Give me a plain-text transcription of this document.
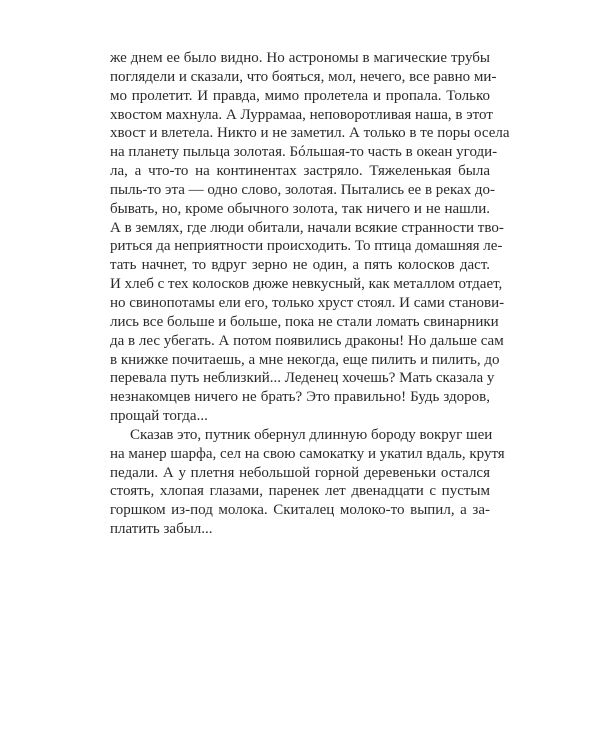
же днем ее было видно. Но астрономы в магические трубы
поглядели и сказали, что бояться, мол, нечего, все равно ми-
мо пролетит. И правда, мимо пролетела и пропала. Только
хвостом махнула. А Луррамаа, неповоротливая наша, в этот
хвост и влетела. Никто и не заметил. А только в те поры осела
на планету пыльца золотая. Бóльшая-то часть в океан угоди-
ла, а что-то на континентах застряло. Тяжеленькая была
пыль-то эта — одно слово, золотая. Пытались ее в реках до-
бывать, но, кроме обычного золота, так ничего и не нашли.
А в землях, где люди обитали, начали всякие странности тво-
риться да неприятности происходить. То птица домашняя ле-
тать начнет, то вдруг зерно не один, а пять колосков даст.
И хлеб с тех колосков дюже невкусный, как металлом отдает,
но свинопотамы ели его, только хруст стоял. И сами станови-
лись все больше и больше, пока не стали ломать свинарники
да в лес убегать. А потом появились драконы! Но дальше сам
в книжке почитаешь, а мне некогда, еще пилить и пилить, до
перевала путь неблизкий... Леденец хочешь? Мать сказала у
незнакомцев ничего не брать? Это правильно! Будь здоров,
прощай тогда...
Сказав это, путник обернул длинную бороду вокруг шеи
на манер шарфа, сел на свою самокатку и укатил вдаль, крутя
педали. А у плетня небольшой горной деревеньки остался
стоять, хлопая глазами, паренек лет двенадцати с пустым
горшком из-под молока. Скиталец молоко-то выпил, а за-
платить забыл...
